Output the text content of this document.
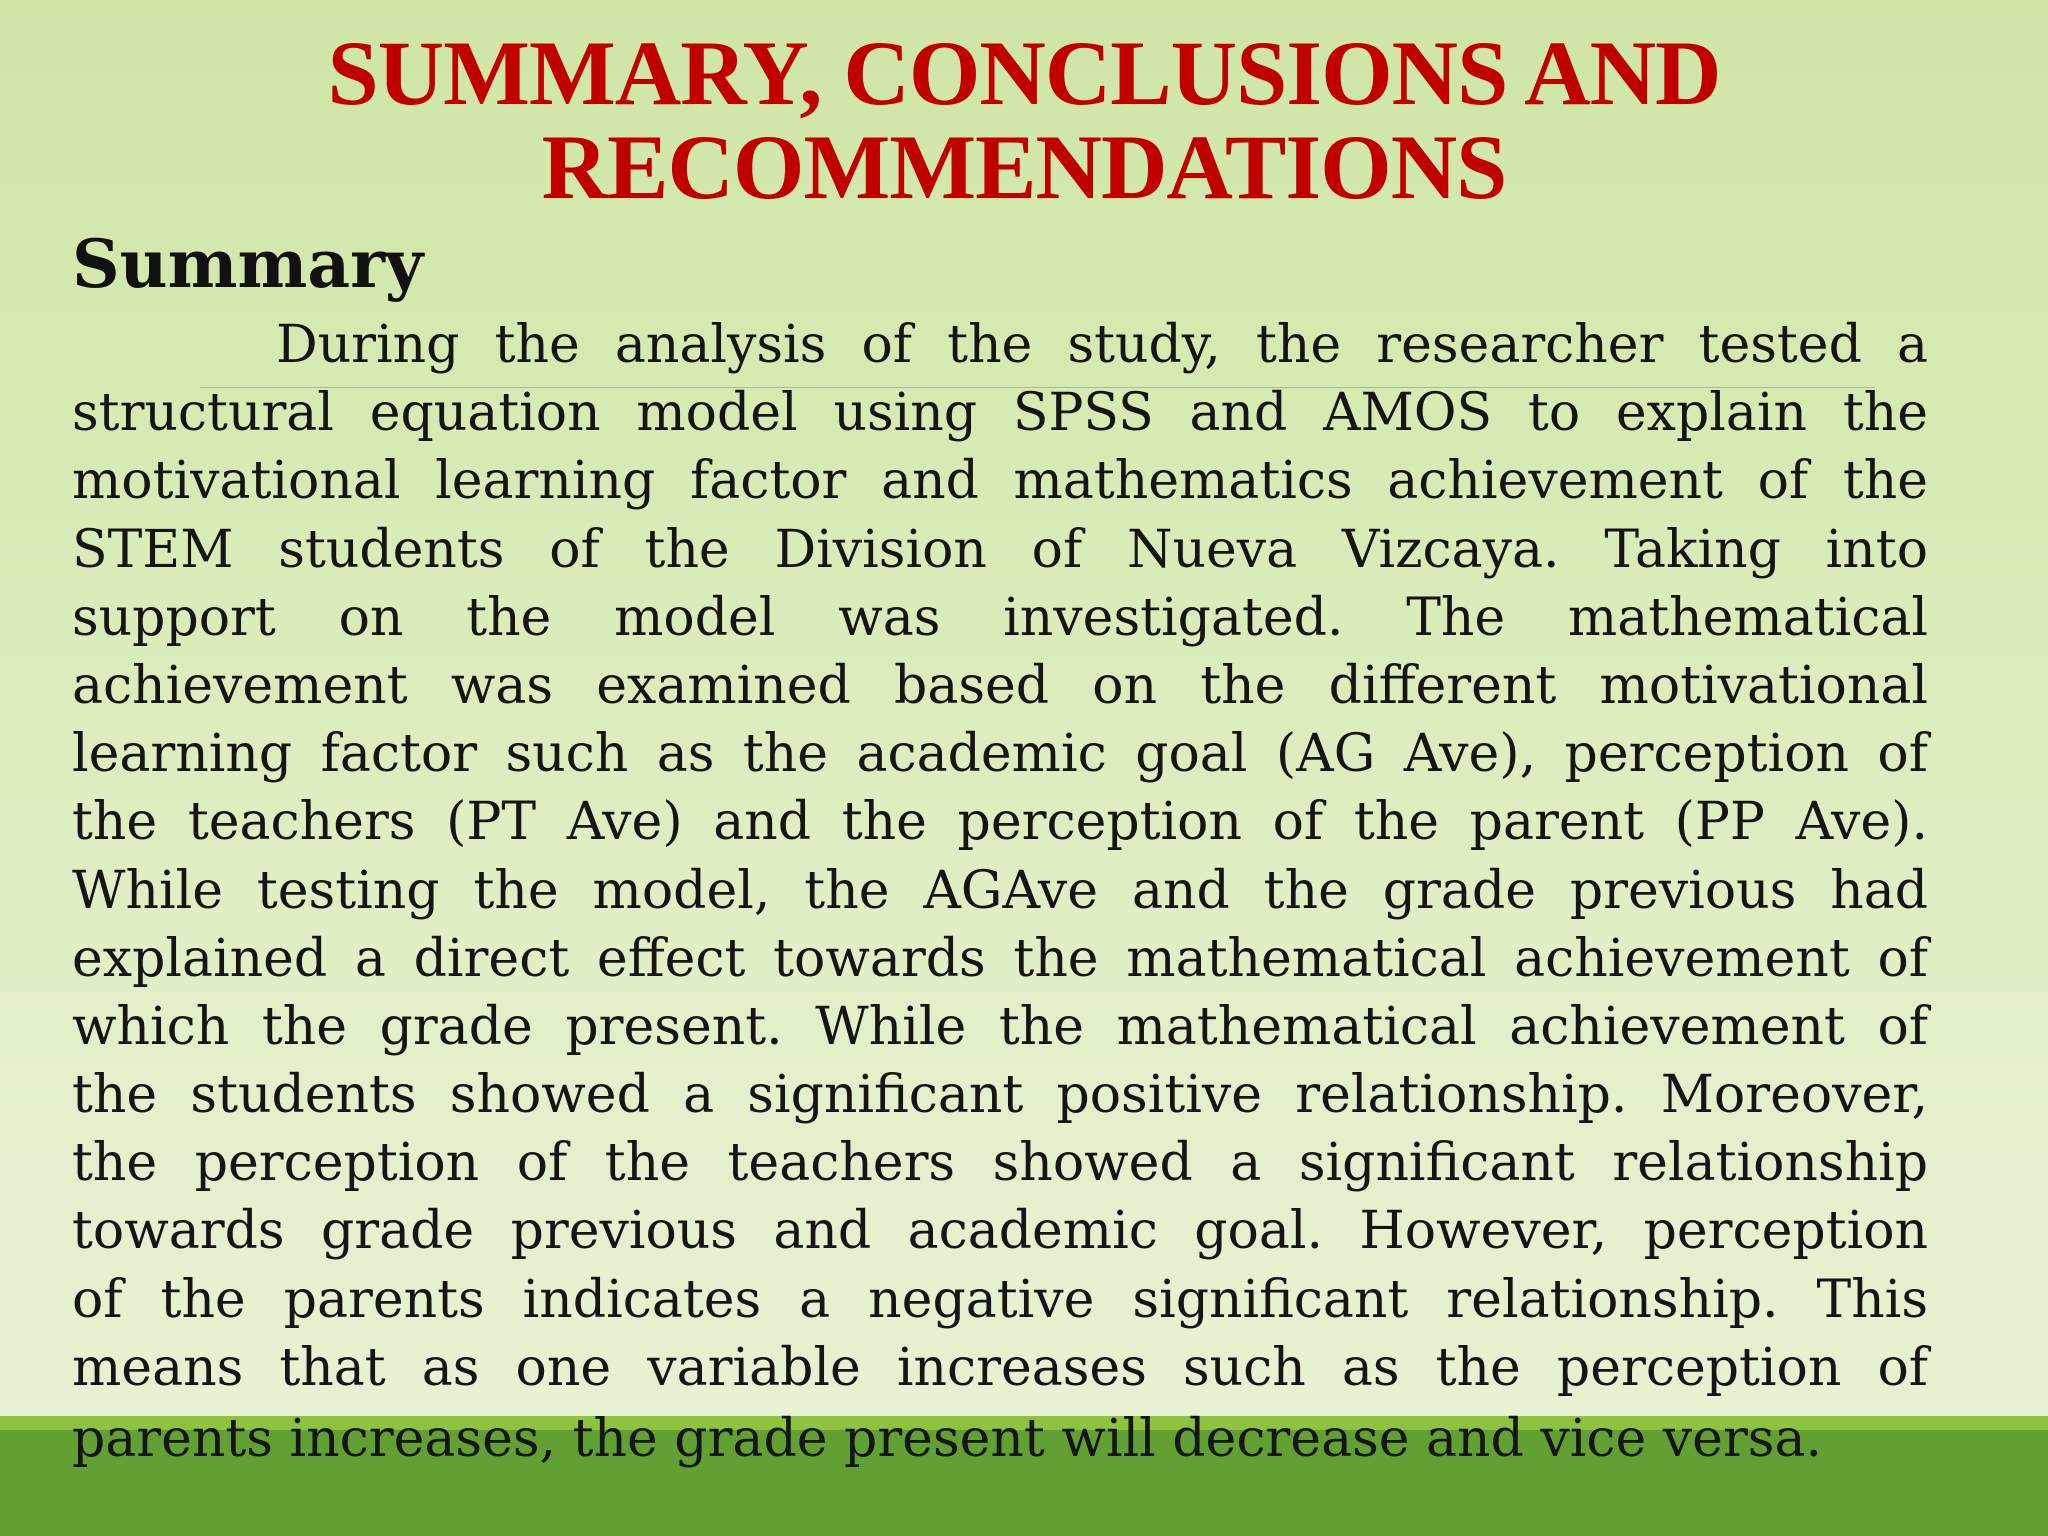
SUMMARY, CONCLUSIONS AND
RECOMMENDATIONS
Summary

During the analysis of the study, the researcher tested a
structural equation model using SPSS and AMOS to explain the
motivational learning factor and mathematics achievement of the
STEM students of the Division of Nueva Vizcaya. Taking into
support on the model was investigated. The mathematical
achievement was examined based on the different motivational
learning factor such as the academic goal (AG Ave), perception of
the teachers (PT Ave) and the perception of the parent (PP Ave).
While testing the model, the AGAve and the grade previous had
explained a direct effect towards the mathematical achievement of
which the grade present. While the mathematical achievement of
the students showed a significant positive relationship. Moreover,
the perception of the teachers showed a significant relationship
towards grade previous and academic goal. However, perception
of the parents indicates a negative significant relationship. This
means that as one variable increases such as the perception of

parents increases, the grade present will decrease and vice versa.
